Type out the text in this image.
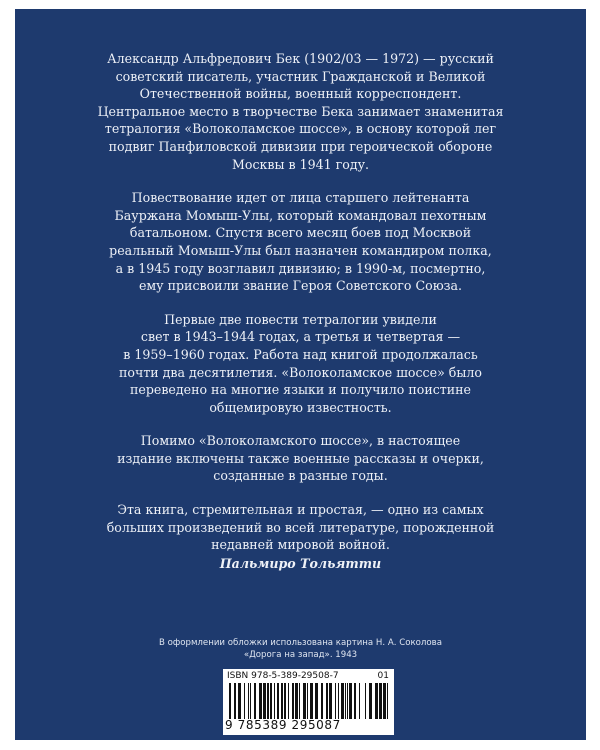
Александр Альфредович Бек (1902/03 — 1972) — русский
советский писатель, участник Гражданской и Великой
Отечественной войны, военный корреспондент.
Центральное место в творчестве Бека занимает знаменитая
тетралогия «Волоколамское шоссе», в основу которой лег
подвиг Панфиловской дивизии при героической обороне
Москвы в 1941 году.

Повествование идет от лица старшего лейтенанта
Бауржана Момыш-Улы, который командовал пехотным
батальоном. Спустя всего месяц боев под Москвой
реальный Момыш-Улы был назначен командиром полка,
а в 1945 году возглавил дивизию; в 1990-м, посмертно,
ему присвоили звание Героя Советского Союза.

Первые две повести тетралогии увидели
свет в 1943–1944 годах, а третья и четвертая —
в 1959–1960 годах. Работа над книгой продолжалась
почти два десятилетия. «Волоколамское шоссе» было
переведено на многие языки и получило поистине
общемировую известность.

Помимо «Волоколамского шоссе», в настоящее
издание включены также военные рассказы и очерки,
созданные в разные годы.

Эта книга, стремительная и простая, — одно из самых
больших произведений во всей литературе, порожденной
недавней мировой войной.
Пальмиро Тольятти

В оформлении обложки использована картина Н. А. Соколова
«Дорога на запад». 1943
ISBN 978-5-389-29508-7	01
9 785389 295087
